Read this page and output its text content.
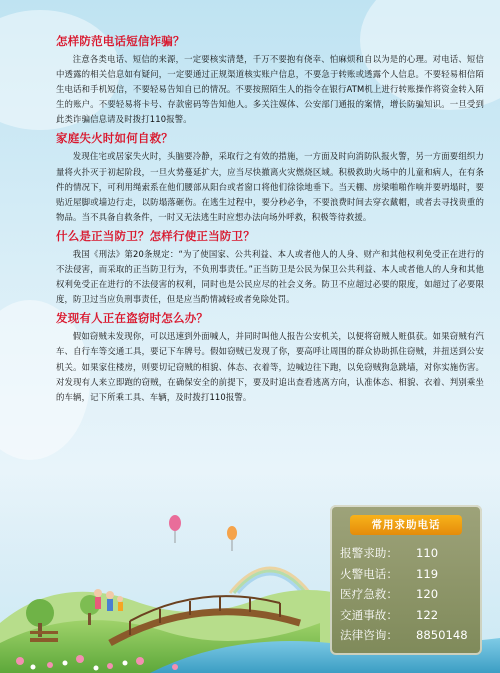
怎样防范电话短信诈骗？

注意各类电话、短信的来源，一定要核实清楚，千万不要抱有侥幸、怕麻烦和自以为是的心理。对电话、短信中透露的相关信息如有疑问，一定要通过正规渠道核实账户信息，不要急于转账或透露个人信息。不要轻易相信陌生电话和手机短信，不要轻易告知自已的情况。不要按照陌生人的指令在银行ATM机上进行转账操作将资金转入陌生的账户。不要轻易将卡号、存款密码等告知他人。多关注媒体、公安部门通报的案情，增长防骗知识。一旦受到此类诈骗信息请及时拨打110报警。

家庭失火时如何自救？

发现住宅或居家失火时，头脑要冷静，采取行之有效的措施，一方面及时向消防队报火警，另一方面要组织力量将火扑灭于初起阶段，一旦火势蔓延扩大，应当尽快撤离火灾燃烧区域。积极救助火场中的儿童和病人，在有条件的情况下，可利用绳索系在他们腰部从阳台或者窗口将他们徐徐地垂下。当天棚、房梁啪啪作响并要坍塌时，要贴近屋脚或墙边行走，以防塌落砸伤。在逃生过程中，要分秒必争，不要浪费时间去穿衣戴帽，或者去寻找贵重的物品。当不具备自救条件，一时又无法逃生时应想办法向场外呼救，积极等待救援。

什么是正当防卫？怎样行使正当防卫？

我国《刑法》第20条规定：“为了使国家、公共利益、本人或者他人的人身、财产和其他权利免受正在进行的不法侵害，而采取的正当防卫行为，不负刑事责任。”正当防卫是公民为保卫公共利益、本人或者他人的人身和其他权利免受正在进行的不法侵害的权利，同时也是公民应尽的社会义务。防卫不应超过必要的限度，如超过了必要限度，防卫过当应负刑事责任，但是应当酌情减轻或者免除处罚。

发现有人正在盗窃时怎么办？

假如窃贼未发现你，可以迅速到外面喊人，并同时叫他人报告公安机关，以便将窃贼人赃俱获。如果窃贼有汽车、自行车等交通工具，要记下车牌号。假如窃贼已发现了你，要高呼让周围的群众协助抓住窃贼，并扭送到公安机关。如果家住楼房，则要切记窃贼的相貌、体态、衣着等，边喊边往下跑，以免窃贼狗急跳墙，对你实施伤害。对发现有人来立即跑的窃贼，在确保安全的前提下，要及时追出查看逃离方向，认准体态、相貌、衣着、判别乘坐的车辆，记下所乘工具、车辆，及时拨打110报警。

常用求助电话
报警求助： 110
火警电话： 119
医疗急救： 120
交通事故： 122
法律咨询： 8850148
